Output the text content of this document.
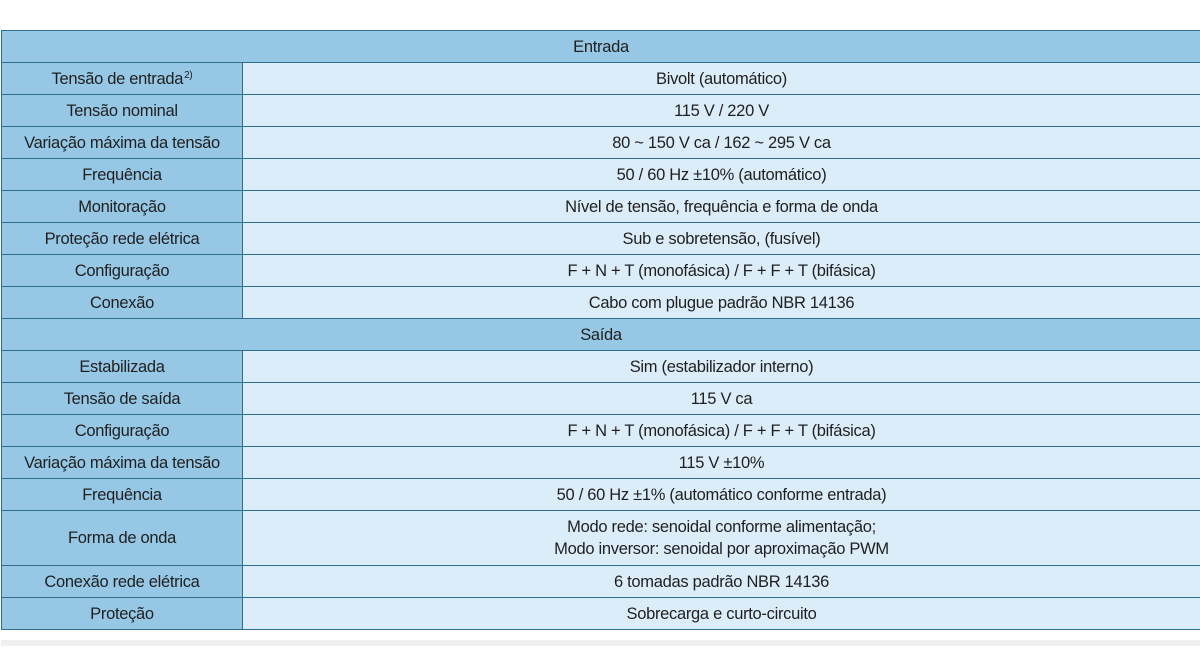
Entrada	
Tensão de entrada$^{2)}$	Bivolt (automático)
Tensão nominal	115 V / 220 V
Variação máxima da tensão	80 ~ 150 V ca / 162 ~ 295 V ca
Frequência	50 / 60 Hz ±10% (automático)
Monitoração	Nível de tensão, frequência e forma de onda
Proteção rede elétrica	Sub e sobretensão, (fusível)
Configuração	F + N + T (monofásica) / F + F + T (bifásica)
Conexão	Cabo com plugue padrão NBR 14136
Saída	
Estabilizada	Sim (estabilizador interno)
Tensão de saída	115 V ca
Configuração	F + N + T (monofásica) / F + F + T (bifásica)
Variação máxima da tensão	115 V ±10%
Frequência	50 / 60 Hz ±1% (automático conforme entrada)
Forma de onda	Modo rede: senoidal conforme alimentação;
Modo inversor: senoidal por aproximação PWM

Conexão rede elétrica	6 tomadas padrão NBR 14136
Proteção	Sobrecarga e curto-circuito
